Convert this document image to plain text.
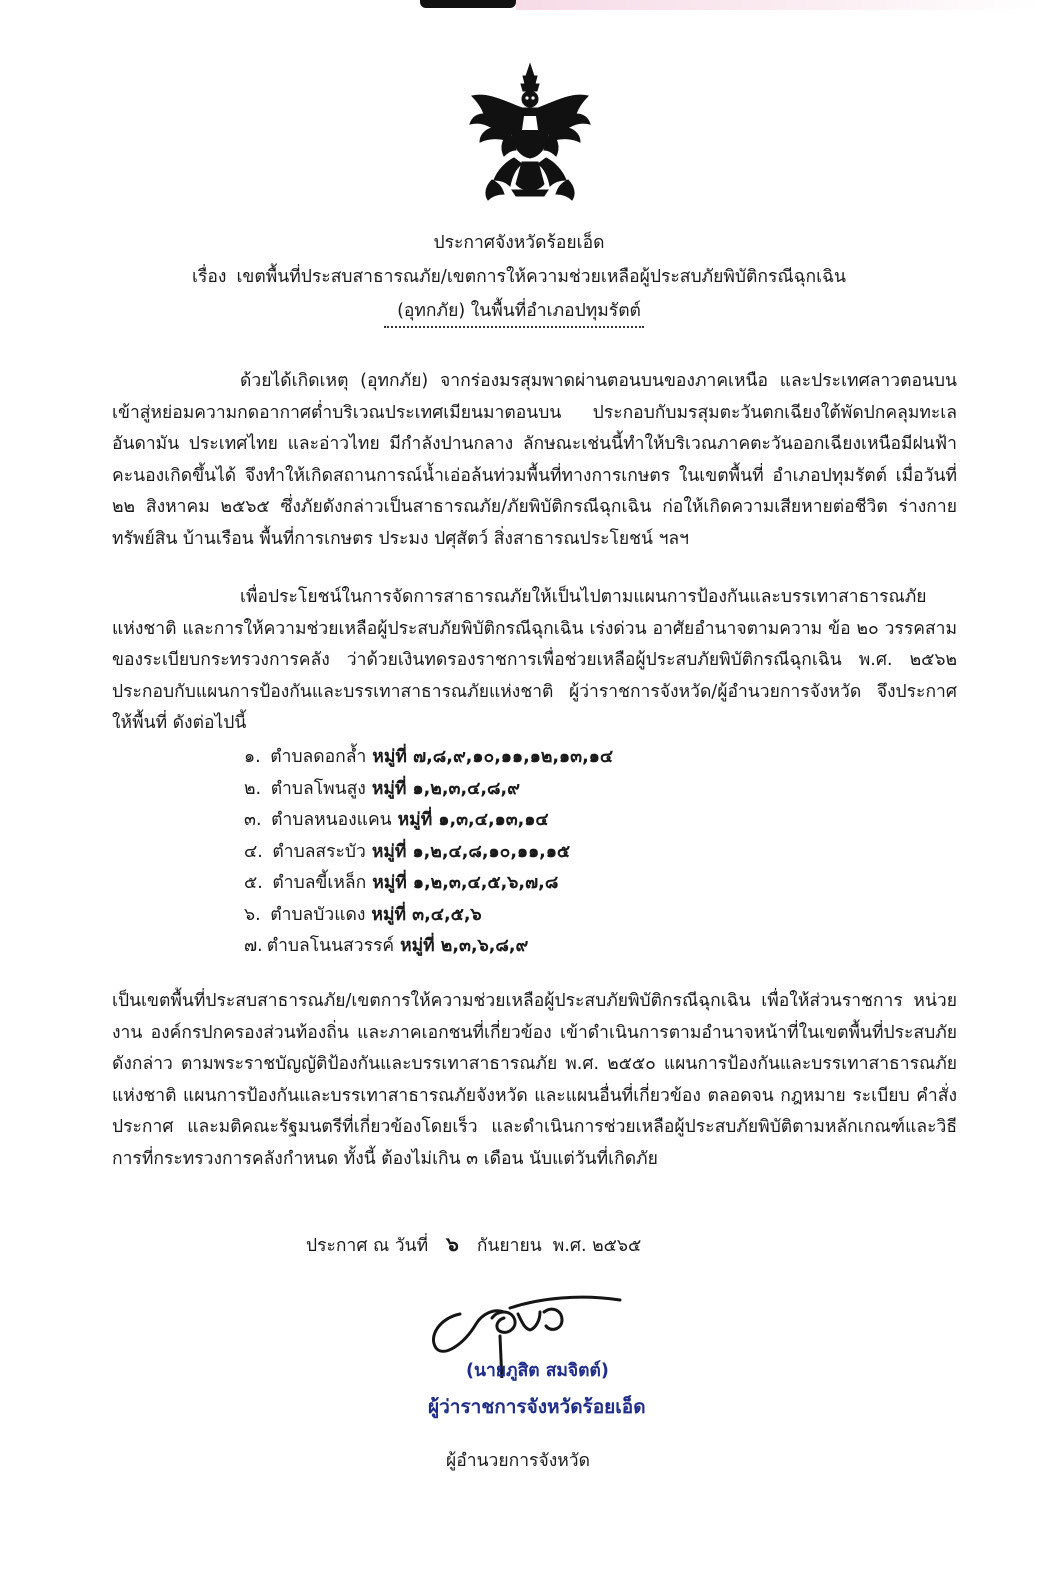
ประกาศจังหวัดร้อยเอ็ด
เรื่อง เขตพื้นที่ประสบสาธารณภัย/เขตการให้ความช่วยเหลือผู้ประสบภัยพิบัติกรณีฉุกเฉิน
(อุทกภัย) ในพื้นที่อำเภอปทุมรัตต์
ด้วยได้เกิดเหตุ (อุทกภัย) จากร่องมรสุมพาดผ่านตอนบนของภาคเหนือ และประเทศลาวตอนบน เข้าสู่หย่อมความกดอากาศต่ำบริเวณประเทศเมียนมาตอนบน ประกอบกับมรสุมตะวันตกเฉียงใต้พัดปกคลุมทะเลอันดามัน ประเทศไทย และอ่าวไทย มีกำลังปานกลาง ลักษณะเช่นนี้ทำให้บริเวณภาคตะวันออกเฉียงเหนือมีฝนฟ้าคะนองเกิดขึ้นได้ จึงทำให้เกิดสถานการณ์น้ำเอ่อล้นท่วมพื้นที่ทางการเกษตร ในเขตพื้นที่ อำเภอปทุมรัตต์ เมื่อวันที่ ๒๒ สิงหาคม ๒๕๖๕ ซึ่งภัยดังกล่าวเป็นสาธารณภัย/ภัยพิบัติกรณีฉุกเฉิน ก่อให้เกิดความเสียหายต่อชีวิต ร่างกาย ทรัพย์สิน บ้านเรือน พื้นที่การเกษตร ประมง ปศุสัตว์ สิ่งสาธารณประโยชน์ ฯลฯ
เพื่อประโยชน์ในการจัดการสาธารณภัยให้เป็นไปตามแผนการป้องกันและบรรเทาสาธารณภัยแห่งชาติ และการให้ความช่วยเหลือผู้ประสบภัยพิบัติกรณีฉุกเฉิน เร่งด่วน อาศัยอำนาจตามความ ข้อ ๒๐ วรรคสาม ของระเบียบกระทรวงการคลัง ว่าด้วยเงินทดรองราชการเพื่อช่วยเหลือผู้ประสบภัยพิบัติกรณีฉุกเฉิน พ.ศ. ๒๕๖๒ ประกอบกับแผนการป้องกันและบรรเทาสาธารณภัยแห่งชาติ ผู้ว่าราชการจังหวัด/ผู้อำนวยการจังหวัด จึงประกาศให้พื้นที่ ดังต่อไปนี้
๑. ตำบลดอกล้ำ หมู่ที่ ๗,๘,๙,๑๐,๑๑,๑๒,๑๓,๑๔
๒. ตำบลโพนสูง หมู่ที่ ๑,๒,๓,๔,๘,๙
๓. ตำบลหนองแคน หมู่ที่ ๑,๓,๔,๑๓,๑๔
๔. ตำบลสระบัว หมู่ที่ ๑,๒,๔,๘,๑๐,๑๑,๑๕
๕. ตำบลขี้เหล็ก หมู่ที่ ๑,๒,๓,๔,๕,๖,๗,๘
๖. ตำบลบัวแดง หมู่ที่ ๓,๔,๕,๖
๗. ตำบลโนนสวรรค์ หมู่ที่ ๒,๓,๖,๘,๙
เป็นเขตพื้นที่ประสบสาธารณภัย/เขตการให้ความช่วยเหลือผู้ประสบภัยพิบัติกรณีฉุกเฉิน เพื่อให้ส่วนราชการ หน่วยงาน องค์กรปกครองส่วนท้องถิ่น และภาคเอกชนที่เกี่ยวข้อง เข้าดำเนินการตามอำนาจหน้าที่ในเขตพื้นที่ประสบภัยดังกล่าว ตามพระราชบัญญัติป้องกันและบรรเทาสาธารณภัย พ.ศ. ๒๕๕๐ แผนการป้องกันและบรรเทาสาธารณภัยแห่งชาติ แผนการป้องกันและบรรเทาสาธารณภัยจังหวัด และแผนอื่นที่เกี่ยวข้อง ตลอดจน กฎหมาย ระเบียบ คำสั่ง ประกาศ และมติคณะรัฐมนตรีที่เกี่ยวข้องโดยเร็ว และดำเนินการช่วยเหลือผู้ประสบภัยพิบัติตามหลักเกณฑ์และวิธีการที่กระทรวงการคลังกำหนด ทั้งนี้ ต้องไม่เกิน ๓ เดือน นับแต่วันที่เกิดภัย
ประกาศ ณ วันที่ ๖ กันยายน  พ.ศ. ๒๕๖๕
(นายภูสิต สมจิตต์)
ผู้ว่าราชการจังหวัดร้อยเอ็ด
ผู้อำนวยการจังหวัด
